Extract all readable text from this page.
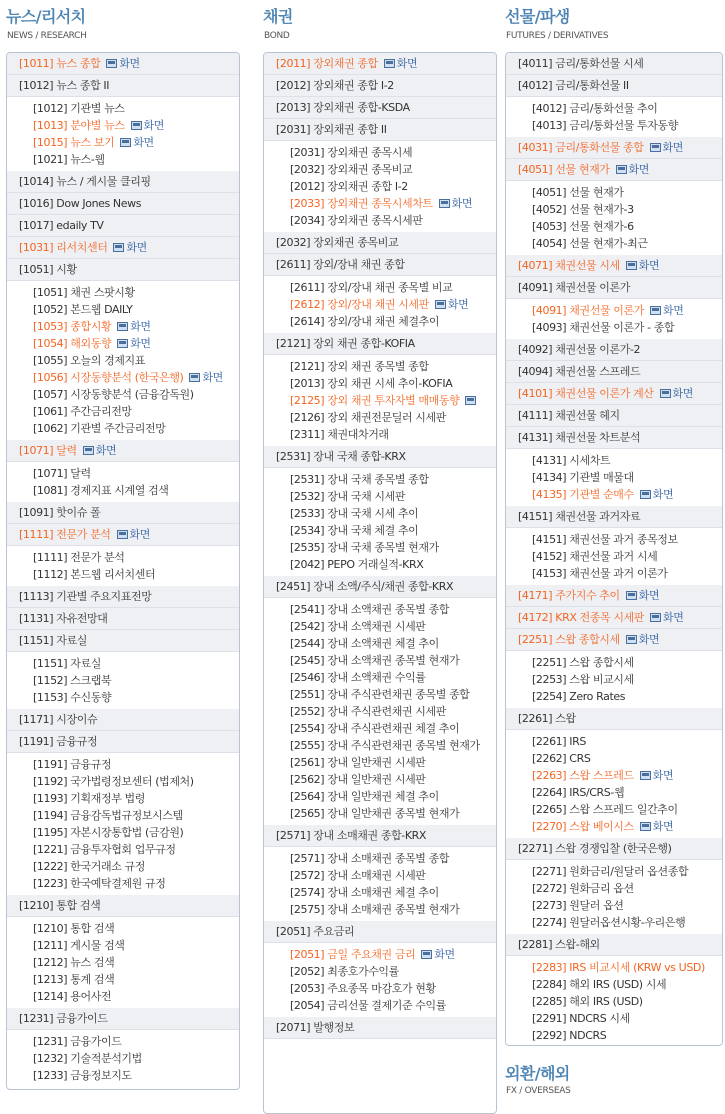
뉴스/리서치
NEWS / RESEARCH
[1011] 뉴스 종합 화면
[1012] 뉴스 종합 II
[1012] 기관별 뉴스
[1013] 분야별 뉴스 화면
[1015] 뉴스 보기 화면
[1021] 뉴스-웹
[1014] 뉴스 / 게시물 클리핑
[1016] Dow Jones News
[1017] edaily TV
[1031] 리서치센터 화면
[1051] 시황
[1051] 채권 스팟시황
[1052] 본드웹 DAILY
[1053] 종합시황 화면
[1054] 해외동향 화면
[1055] 오늘의 경제지표
[1056] 시장동향분석 (한국은행) 화면
[1057] 시장동향분석 (금융감독원)
[1061] 주간금리전망
[1062] 기관별 주간금리전망
[1071] 달력 화면
[1071] 달력
[1081] 경제지표 시계열 검색
[1091] 핫이슈 폴
[1111] 전문가 분석 화면
[1111] 전문가 분석
[1112] 본드웹 리서치센터
[1113] 기관별 주요지표전망
[1131] 자유전망대
[1151] 자료실
[1151] 자료실
[1152] 스크랩북
[1153] 수신동향
[1171] 시장이슈
[1191] 금융규정
[1191] 금융규정
[1192] 국가법령정보센터 (법제처)
[1193] 기획재정부 법령
[1194] 금융감독법규정보시스템
[1195] 자본시장통합법 (금감원)
[1221] 금융투자협회 업무규정
[1222] 한국거래소 규정
[1223] 한국예탁결제원 규정
[1210] 통합 검색
[1210] 통합 검색
[1211] 게시물 검색
[1212] 뉴스 검색
[1213] 통계 검색
[1214] 용어사전
[1231] 금융가이드
[1231] 금융가이드
[1232] 기술적분석기법
[1233] 금융정보지도
채권
BOND
[2011] 장외채권 종합 화면
[2012] 장외채권 종합 I-2
[2013] 장외채권 종합-KSDA
[2031] 장외채권 종합 II
[2031] 장외채권 종목시세
[2032] 장외채권 종목비교
[2012] 장외채권 종합 I-2
[2033] 장외채권 종목시세차트 화면
[2034] 장외채권 종목시세판
[2032] 장외채권 종목비교
[2611] 장외/장내 채권 종합
[2611] 장외/장내 채권 종목별 비교
[2612] 장외/장내 채권 시세판 화면
[2614] 장외/장내 채권 체결추이
[2121] 장외 채권 종합-KOFIA
[2121] 장외 채권 종목별 종합
[2013] 장외 채권 시세 추이-KOFIA
[2125] 장외 채권 투자자별 매매동향
[2126] 장외 채권전문딜러 시세판
[2311] 채권대차거래
[2531] 장내 국채 종합-KRX
[2531] 장내 국채 종목별 종합
[2532] 장내 국채 시세판
[2533] 장내 국채 시세 추이
[2534] 장내 국채 체결 추이
[2535] 장내 국채 종목별 현재가
[2042] PEPO 거래실적-KRX
[2451] 장내 소액/주식/채권 종합-KRX
[2541] 장내 소액채권 종목별 종합
[2542] 장내 소액채권 시세판
[2544] 장내 소액채권 체결 추이
[2545] 장내 소액채권 종목별 현재가
[2546] 장내 소액채권 수익률
[2551] 장내 주식관련채권 종목별 종합
[2552] 장내 주식관련채권 시세판
[2554] 장내 주식관련채권 체결 추이
[2555] 장내 주식관련채권 종목별 현재가
[2561] 장내 일반채권 시세판
[2562] 장내 일반채권 시세판
[2564] 장내 일반채권 체결 추이
[2565] 장내 일반채권 종목별 현재가
[2571] 장내 소매채권 종합-KRX
[2571] 장내 소매채권 종목별 종합
[2572] 장내 소매채권 시세판
[2574] 장내 소매채권 체결 추이
[2575] 장내 소매채권 종목별 현재가
[2051] 주요금리
[2051] 금일 주요채권 금리 화면
[2052] 최종호가수익률
[2053] 주요종목 마감호가 현황
[2054] 금리선물 결제기준 수익률
[2071] 발행정보
선물/파생
FUTURES / DERIVATIVES
[4011] 금리/통화선물 시세
[4012] 금리/통화선물 II
[4012] 금리/통화선물 추이
[4013] 금리/통화선물 투자동향
[4031] 금리/통화선물 종합 화면
[4051] 선물 현재가 화면
[4051] 선물 현재가
[4052] 선물 현재가-3
[4053] 선물 현재가-6
[4054] 선물 현재가-최근
[4071] 채권선물 시세 화면
[4091] 채권선물 이론가
[4091] 채권선물 이론가 화면
[4093] 채권선물 이론가 - 종합
[4092] 채권선물 이론가-2
[4094] 채권선물 스프레드
[4101] 채권선물 이론가 계산 화면
[4111] 채권선물 헤지
[4131] 채권선물 차트분석
[4131] 시세차트
[4134] 기관별 매물대
[4135] 기관별 순매수 화면
[4151] 채권선물 과거자료
[4151] 채권선물 과거 종목정보
[4152] 채권선물 과거 시세
[4153] 채권선물 과거 이론가
[4171] 주가지수 추이 화면
[4172] KRX 전종목 시세판 화면
[2251] 스왑 종합시세 화면
[2251] 스왑 종합시세
[2253] 스왑 비교시세
[2254] Zero Rates
[2261] 스왑
[2261] IRS
[2262] CRS
[2263] 스왑 스프레드 화면
[2264] IRS/CRS-웹
[2265] 스왑 스프레드 일간추이
[2270] 스왑 베이시스 화면
[2271] 스왑 경쟁입찰 (한국은행)
[2271] 원화금리/원달러 옵션종합
[2272] 원화금리 옵션
[2273] 원달러 옵션
[2274] 원달러옵션시황-우리은행
[2281] 스왑-해외
[2283] IRS 비교시세 (KRW vs USD)
[2284] 해외 IRS (USD) 시세
[2285] 해외 IRS (USD)
[2291] NDCRS 시세
[2292] NDCRS
외환/해외
FX / OVERSEAS
